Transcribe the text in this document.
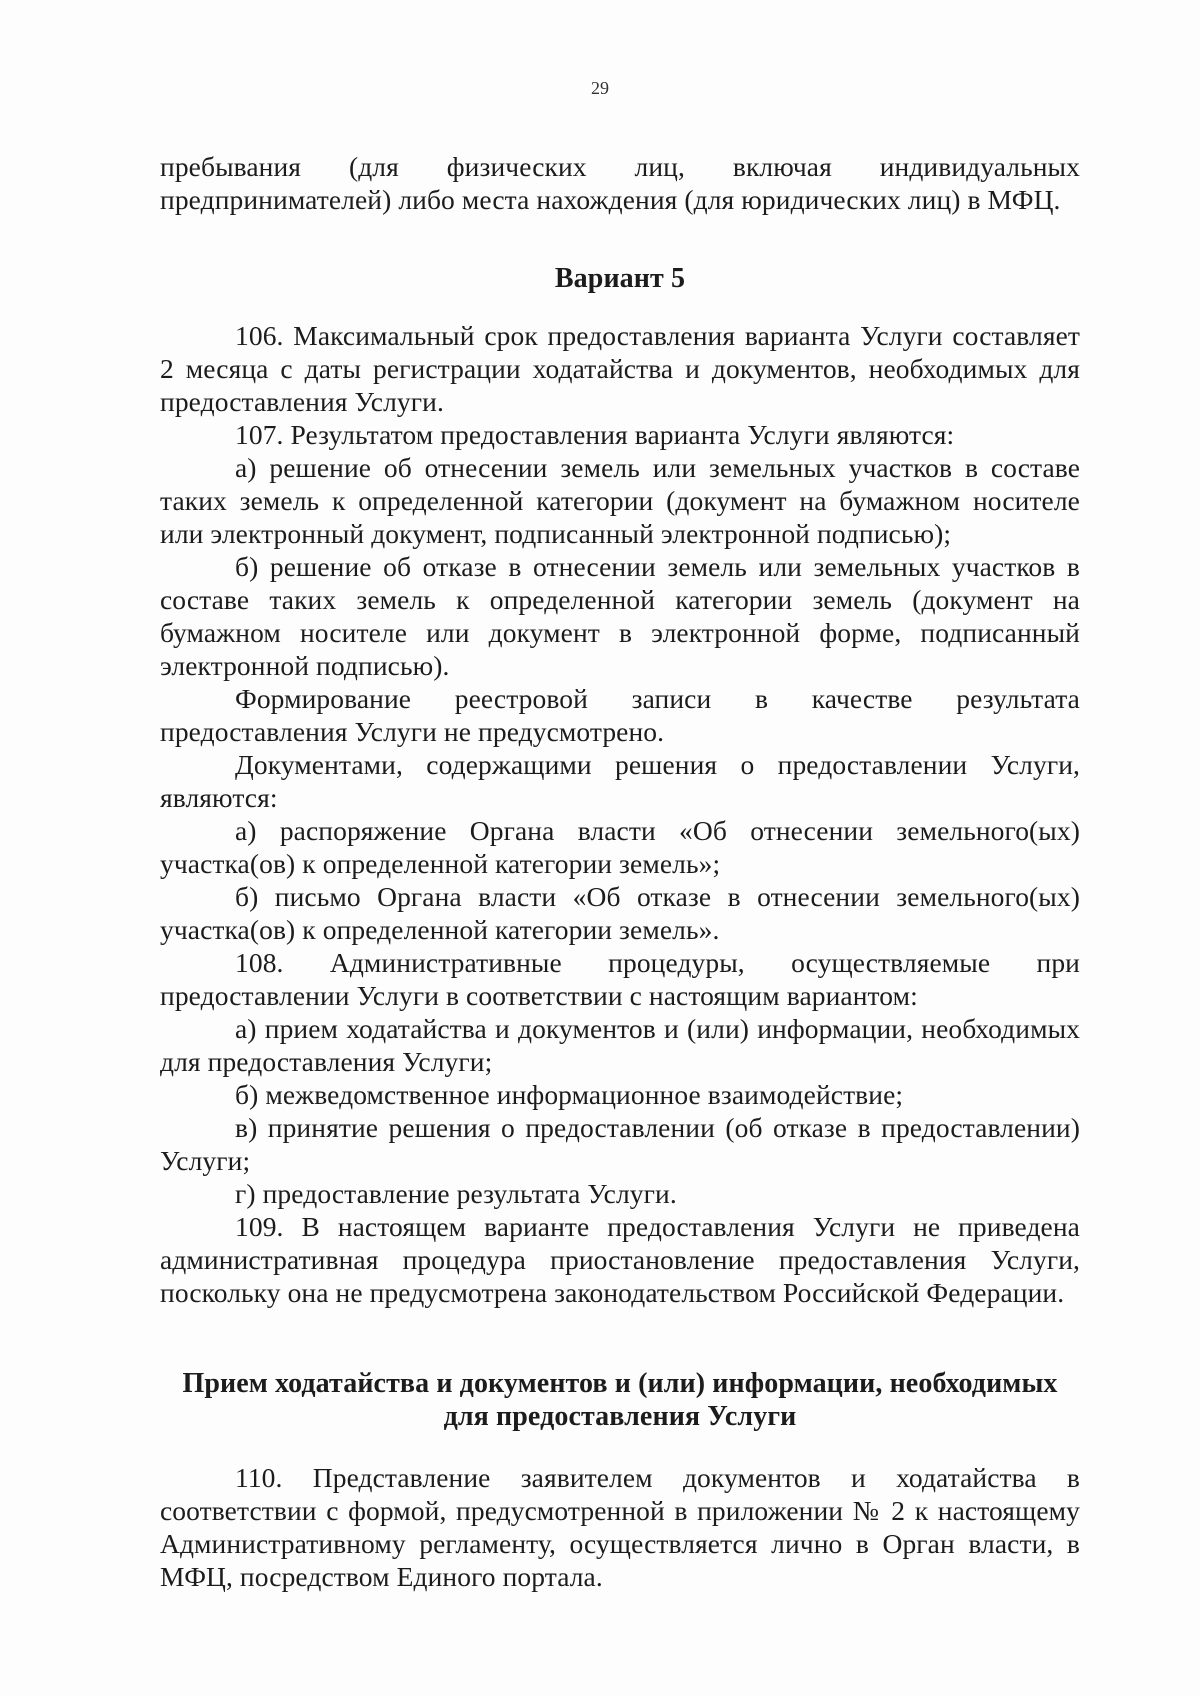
29

пребывания (для физических лиц, включая индивидуальных предпринимателей) либо места нахождения (для юридических лиц) в МФЦ.

Вариант 5

106. Максимальный срок предоставления варианта Услуги составляет 2 месяца с даты регистрации ходатайства и документов, необходимых для предоставления Услуги.

107. Результатом предоставления варианта Услуги являются:

а) решение об отнесении земель или земельных участков в составе таких земель к определенной категории (документ на бумажном носителе или электронный документ, подписанный электронной подписью);

б) решение об отказе в отнесении земель или земельных участков в составе таких земель к определенной категории земель (документ на бумажном носителе или документ в электронной форме, подписанный электронной подписью).

Формирование реестровой записи в качестве результата предоставления Услуги не предусмотрено.

Документами, содержащими решения о предоставлении Услуги, являются:

а) распоряжение Органа власти «Об отнесении земельного(ых) участка(ов) к определенной категории земель»;

б) письмо Органа власти «Об отказе в отнесении земельного(ых) участка(ов) к определенной категории земель».

108. Административные процедуры, осуществляемые при предоставлении Услуги в соответствии с настоящим вариантом:

а) прием ходатайства и документов и (или) информации, необходимых для предоставления Услуги;

б) межведомственное информационное взаимодействие;

в) принятие решения о предоставлении (об отказе в предоставлении) Услуги;

г) предоставление результата Услуги.

109. В настоящем варианте предоставления Услуги не приведена административная процедура приостановление предоставления Услуги, поскольку она не предусмотрена законодательством Российской Федерации.

Прием ходатайства и документов и (или) информации, необходимых для предоставления Услуги

110. Представление заявителем документов и ходатайства в соответствии с формой, предусмотренной в приложении № 2 к настоящему Административному регламенту, осуществляется лично в Орган власти, в МФЦ, посредством Единого портала.
